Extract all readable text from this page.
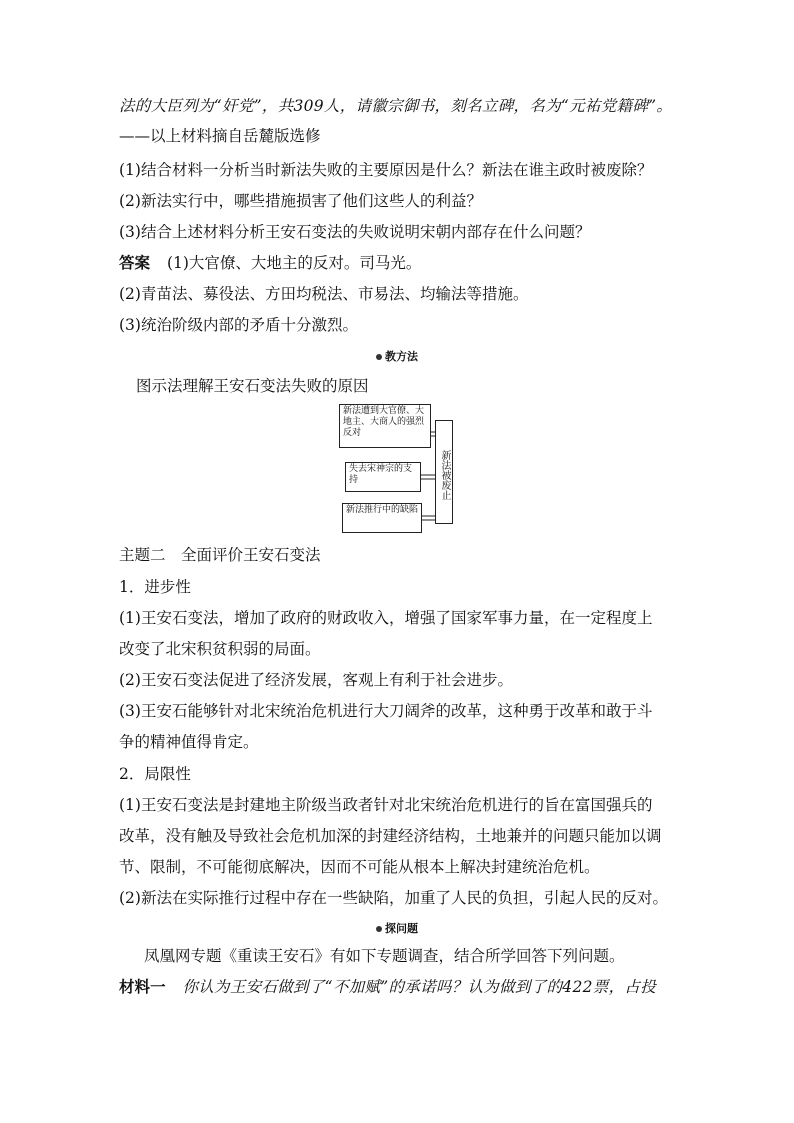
法的大臣列为“奸党”，共309人，请徽宗御书，刻名立碑，名为“元祐党籍碑”。
——以上材料摘自岳麓版选修
(1)结合材料一分析当时新法失败的主要原因是什么？新法在谁主政时被废除？
(2)新法实行中，哪些措施损害了他们这些人的利益？
(3)结合上述材料分析王安石变法的失败说明宋朝内部存在什么问题？
答案 (1)大官僚、大地主的反对。司马光。
(2)青苗法、募役法、方田均税法、市易法、均输法等措施。
(3)统治阶级内部的矛盾十分激烈。
教方法
图示法理解王安石变法失败的原因
新法遭到大官僚、大地主、大商人的强烈反对
失去宋神宗的支持
新法推行中的缺陷
新法被废止
主题二　全面评价王安石变法
1．进步性
(1)王安石变法，增加了政府的财政收入，增强了国家军事力量，在一定程度上
改变了北宋积贫积弱的局面。
(2)王安石变法促进了经济发展，客观上有利于社会进步。
(3)王安石能够针对北宋统治危机进行大刀阔斧的改革，这种勇于改革和敢于斗
争的精神值得肯定。
2．局限性
(1)王安石变法是封建地主阶级当政者针对北宋统治危机进行的旨在富国强兵的
改革，没有触及导致社会危机加深的封建经济结构，土地兼并的问题只能加以调
节、限制，不可能彻底解决，因而不可能从根本上解决封建统治危机。
(2)新法在实际推行过程中存在一些缺陷，加重了人民的负担，引起人民的反对。
探问题
凤凰网专题《重读王安石》有如下专题调查，结合所学回答下列问题。
材料一 你认为王安石做到了“不加赋”的承诺吗？认为做到了的422票，占投
